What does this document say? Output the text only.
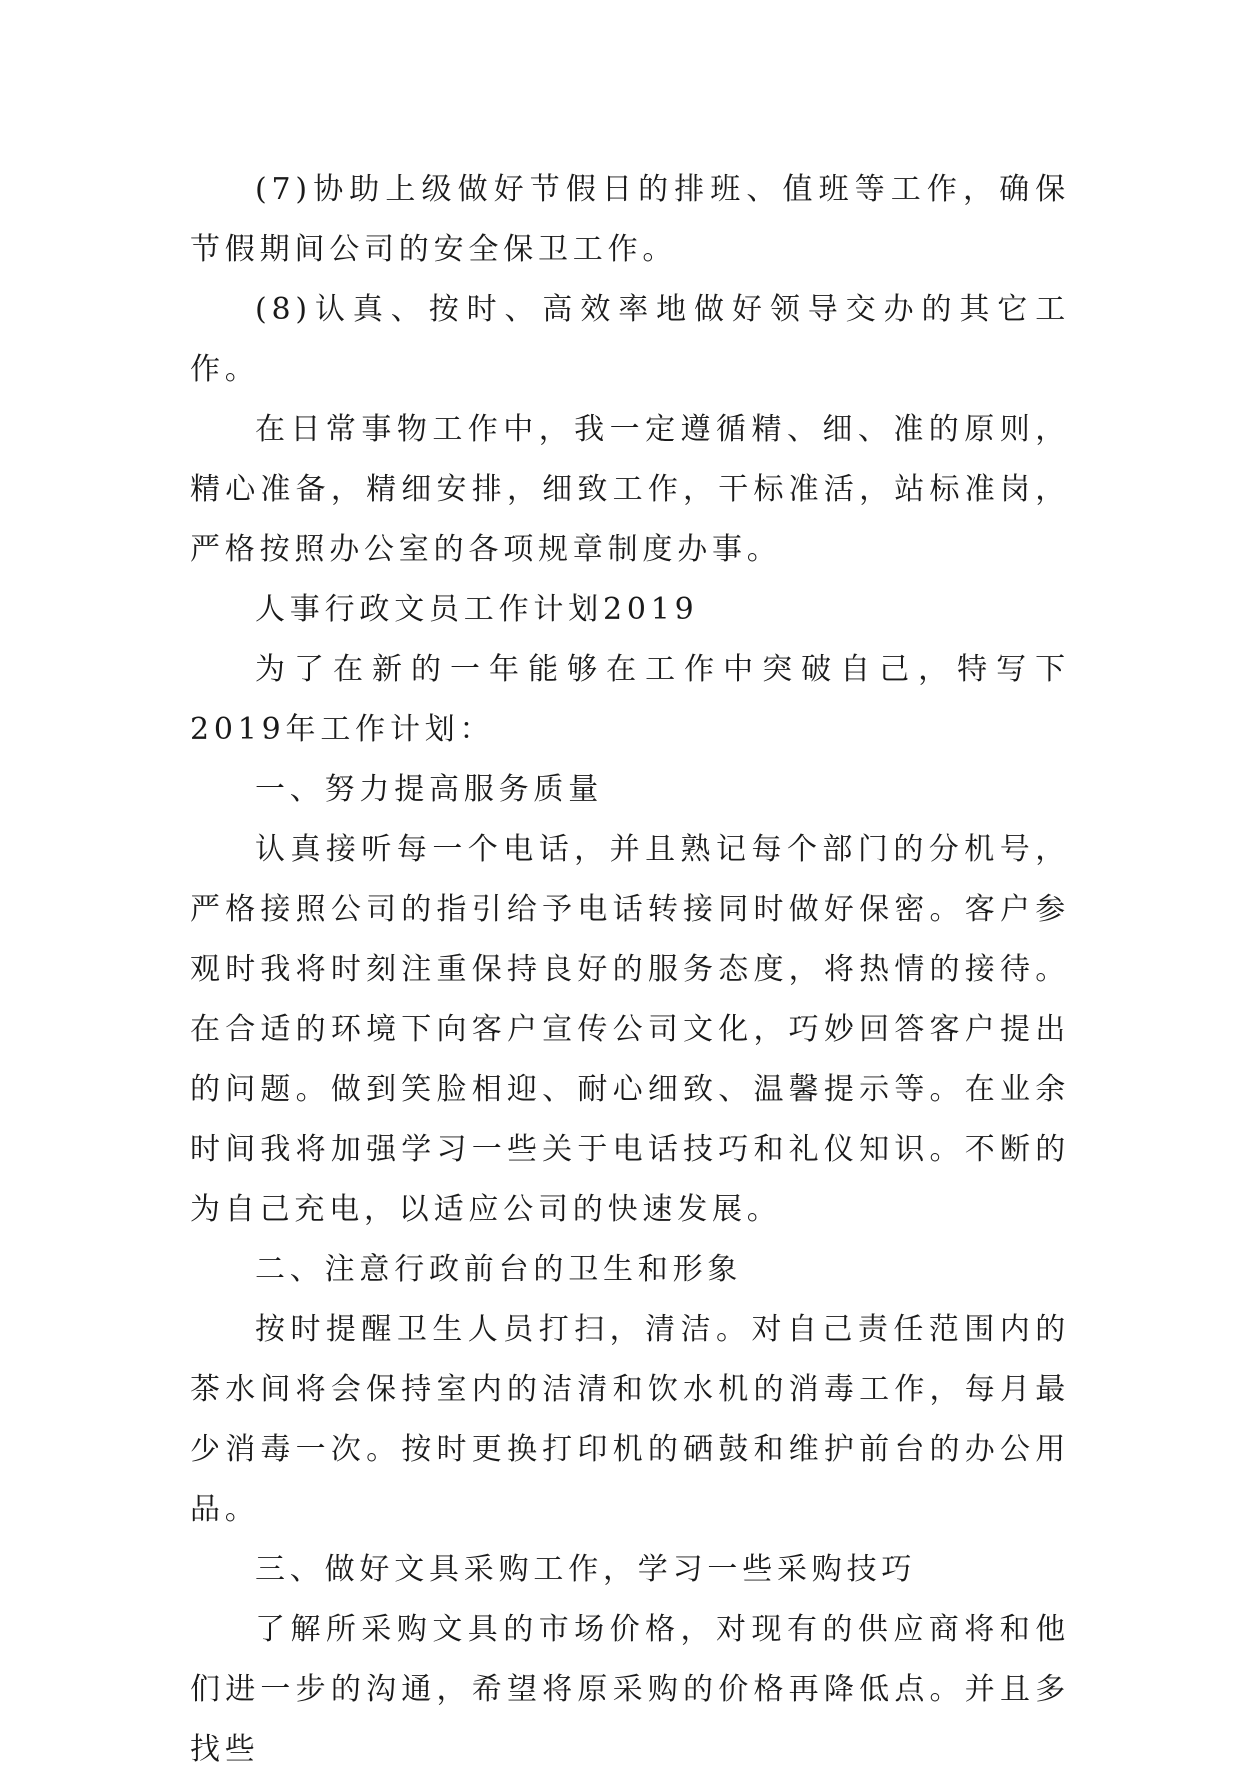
(7)协助上级做好节假日的排班、值班等工作，确保节假期间公司的安全保卫工作。

(8)认真、按时、高效率地做好领导交办的其它工作。

在日常事物工作中，我一定遵循精、细、准的原则，精心准备，精细安排，细致工作，干标准活，站标准岗，严格按照办公室的各项规章制度办事。

人事行政文员工作计划2019

为了在新的一年能够在工作中突破自己，特写下2019年工作计划：

一、努力提高服务质量

认真接听每一个电话，并且熟记每个部门的分机号，严格接照公司的指引给予电话转接同时做好保密。客户参观时我将时刻注重保持良好的服务态度，将热情的接待。在合适的环境下向客户宣传公司文化，巧妙回答客户提出的问题。做到笑脸相迎、耐心细致、温馨提示等。在业余时间我将加强学习一些关于电话技巧和礼仪知识。不断的为自己充电，以适应公司的快速发展。

二、注意行政前台的卫生和形象

按时提醒卫生人员打扫，清洁。对自己责任范围内的茶水间将会保持室内的洁清和饮水机的消毒工作，每月最少消毒一次。按时更换打印机的硒鼓和维护前台的办公用品。

三、做好文具采购工作，学习一些采购技巧

了解所采购文具的市场价格，对现有的供应商将和他们进一步的沟通，希望将原采购的价格再降低点。并且多找些
